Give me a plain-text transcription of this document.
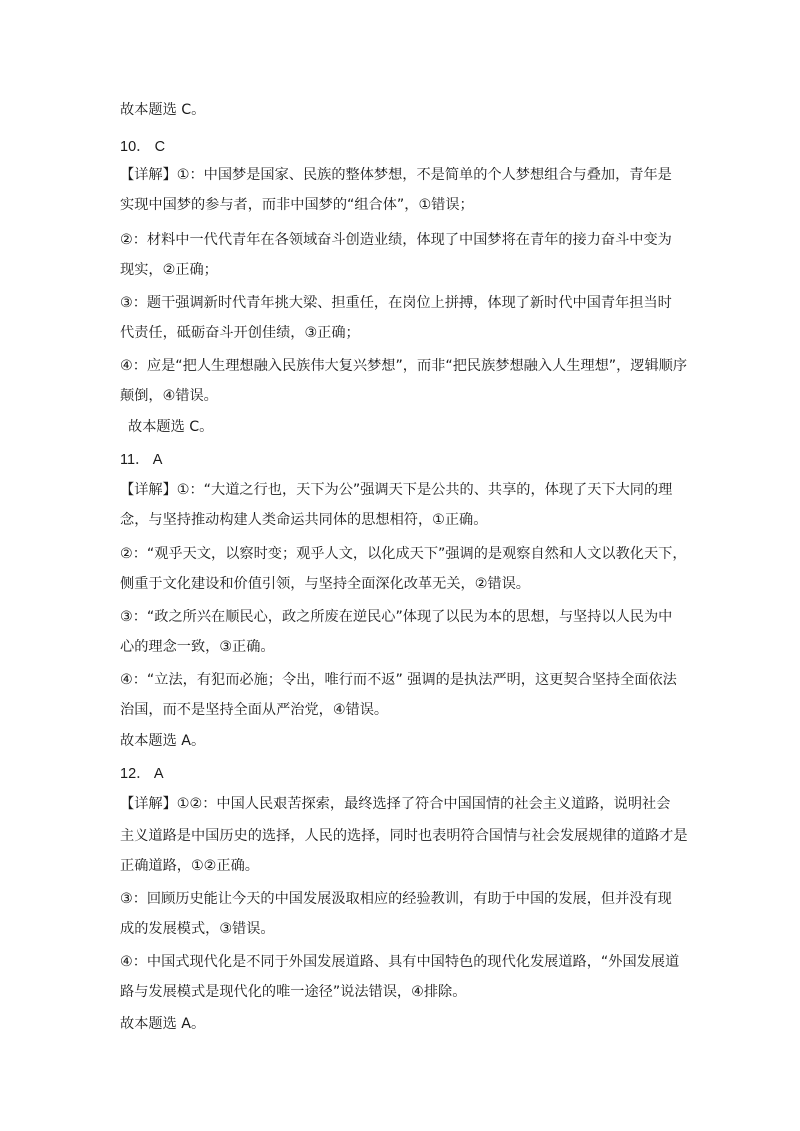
故本题选 C。

10． C

【详解】①：中国梦是国家、民族的整体梦想，不是简单的个人梦想组合与叠加，青年是

实现中国梦的参与者，而非中国梦的“组合体”，①错误；

②：材料中一代代青年在各领域奋斗创造业绩，体现了中国梦将在青年的接力奋斗中变为

现实，②正确；

③：题干强调新时代青年挑大梁、担重任，在岗位上拼搏，体现了新时代中国青年担当时

代责任，砥砺奋斗开创佳绩，③正确；

④：应是“把人生理想融入民族伟大复兴梦想”，而非“把民族梦想融入人生理想”，逻辑顺序

颠倒，④错误。

故本题选 C。

11． A

【详解】①：“大道之行也，天下为公”强调天下是公共的、共享的，体现了天下大同的理

念，与坚持推动构建人类命运共同体的思想相符，①正确。

②：“观乎天文，以察时变；观乎人文，以化成天下”强调的是观察自然和人文以教化天下，

侧重于文化建设和价值引领，与坚持全面深化改革无关，②错误。

③：“政之所兴在顺民心，政之所废在逆民心”体现了以民为本的思想，与坚持以人民为中

心的理念一致，③正确。

④：“立法，有犯而必施；令出，唯行而不返” 强调的是执法严明，这更契合坚持全面依法

治国，而不是坚持全面从严治党，④错误。

故本题选 A。

12． A

【详解】①②：中国人民艰苦探索，最终选择了符合中国国情的社会主义道路，说明社会

主义道路是中国历史的选择，人民的选择，同时也表明符合国情与社会发展规律的道路才是

正确道路，①②正确。

③：回顾历史能让今天的中国发展汲取相应的经验教训，有助于中国的发展，但并没有现

成的发展模式，③错误。

④：中国式现代化是不同于外国发展道路、具有中国特色的现代化发展道路，“外国发展道

路与发展模式是现代化的唯一途径”说法错误，④排除。

故本题选 A。
